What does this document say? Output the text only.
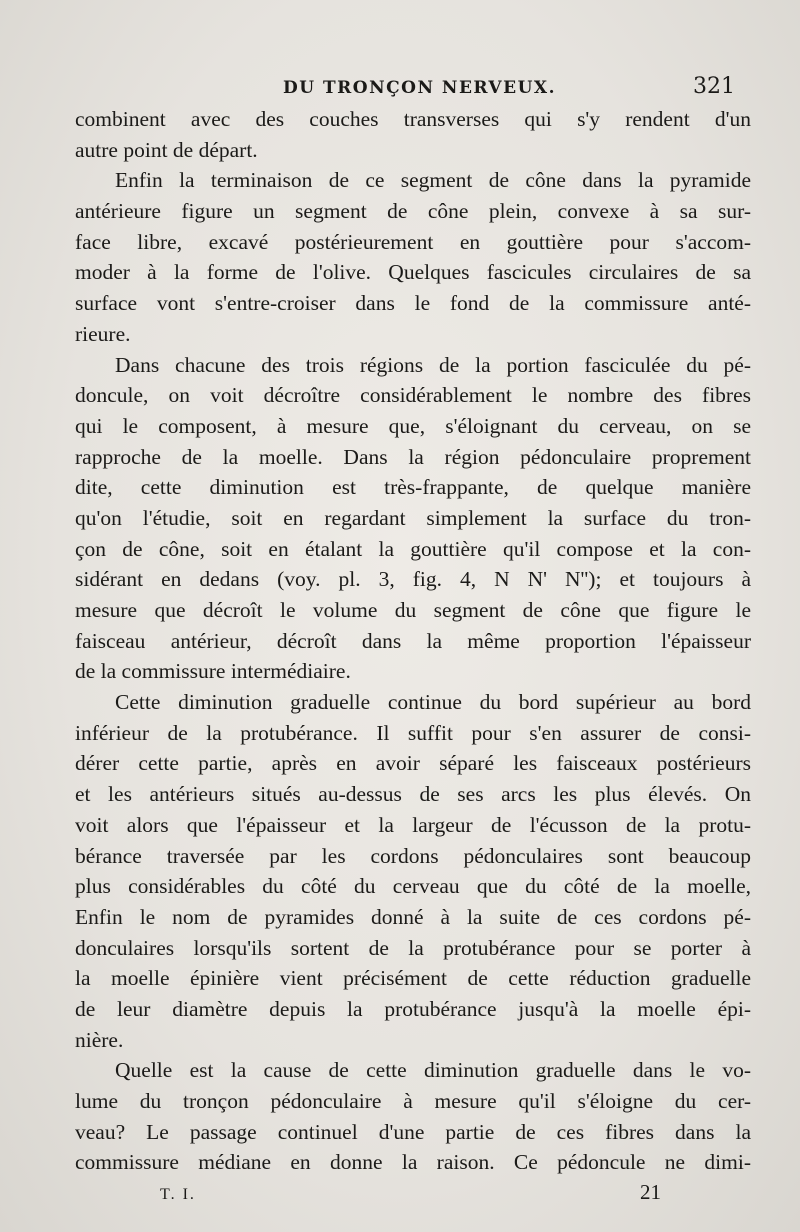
DU TRONÇON NERVEUX.	321
combinent avec des couches transverses qui s'y rendent d'un
autre point de départ.
Enfin la terminaison de ce segment de cône dans la pyramide
antérieure figure un segment de cône plein, convexe à sa sur-
face libre, excavé postérieurement en gouttière pour s'accom-
moder à la forme de l'olive. Quelques fascicules circulaires de sa
surface vont s'entre-croiser dans le fond de la commissure anté-
rieure.
Dans chacune des trois régions de la portion fasciculée du pé-
doncule, on voit décroître considérablement le nombre des fibres
qui le composent, à mesure que, s'éloignant du cerveau, on se
rapproche de la moelle. Dans la région pédonculaire proprement
dite, cette diminution est très-frappante, de quelque manière
qu'on l'étudie, soit en regardant simplement la surface du tron-
çon de cône, soit en étalant la gouttière qu'il compose et la con-
sidérant en dedans (voy. pl. 3, fig. 4, N N' N''); et toujours à
mesure que décroît le volume du segment de cône que figure le
faisceau antérieur, décroît dans la même proportion l'épaisseur
de la commissure intermédiaire.
Cette diminution graduelle continue du bord supérieur au bord
inférieur de la protubérance. Il suffit pour s'en assurer de consi-
dérer cette partie, après en avoir séparé les faisceaux postérieurs
et les antérieurs situés au-dessus de ses arcs les plus élevés. On
voit alors que l'épaisseur et la largeur de l'écusson de la protu-
bérance traversée par les cordons pédonculaires sont beaucoup
plus considérables du côté du cerveau que du côté de la moelle,
Enfin le nom de pyramides donné à la suite de ces cordons pé-
donculaires lorsqu'ils sortent de la protubérance pour se porter à
la moelle épinière vient précisément de cette réduction graduelle
de leur diamètre depuis la protubérance jusqu'à la moelle épi-
nière.
Quelle est la cause de cette diminution graduelle dans le vo-
lume du tronçon pédonculaire à mesure qu'il s'éloigne du cer-
veau? Le passage continuel d'une partie de ces fibres dans la
commissure médiane en donne la raison. Ce pédoncule ne dimi-
T. I.	21
